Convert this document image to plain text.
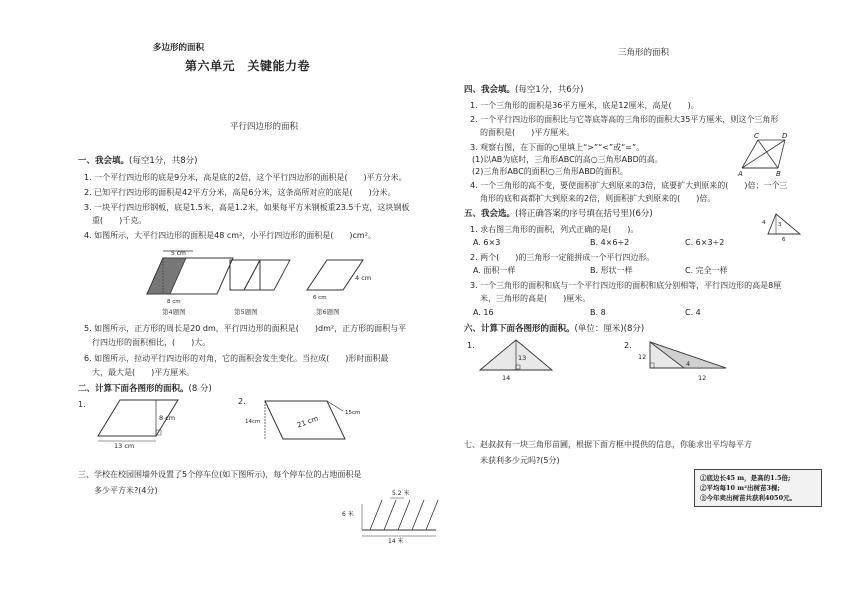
多边形的面积
第六单元　关键能力卷
平行四边形的面积
一、我会填。(每空1分，共8分)
1. 一个平行四边形的底是9分米，高是底的2倍，这个平行四边形的面积是(　　)平方分米。
2. 已知平行四边形的面积是42平方分米，高是6分米，这条高所对应的底是(　　)分米。
3. 一块平行四边形钢板，底是1.5米，高是1.2米，如果每平方米钢板重23.5千克，这块钢板
重(　　)千克。
4. 如图所示，大平行四边形的面积是48 cm²，小平行四边形的面积是(　　)cm²。
5 cm
8 cm
第4题图	第5题图
4 cm
6 cm
第6题图
5. 如图所示，正方形的周长是20 dm，平行四边形的面积是(　　)dm²，正方形的面积与平
行四边形的面积相比，(　　)大。
6. 如图所示，拉动平行四边形的对角，它的面积会发生变化。当拉成(　　)形时面积最
大，最大是(　　)平方厘米。
二、计算下面各图形的面积。(8 分)
1.
8 cm
13 cm
2.
14cm	21 cm
15cm
三、学校在校园围墙外设置了5个停车位(如下图所示)，每个停车位的占地面积是
多少平方米?(4分)	5.2 米
6 米
14 米
三角形的面积
四、我会填。(每空1分，共6分)
1. 一个三角形的面积是36平方厘米，底是12厘米，高是(　　)。
2. 一个平行四边形的面积比与它等底等高的三角形的面积大35平方厘米，则这个三角形
的面积是(　　)平方厘米。
3. 观察右图，在下面的○里填上“>”“<”或“=”。
(1)以AB为底时，三角形ABC的高○三角形ABD的高。
(2)三角形ABC的面积○三角形ABD的面积。
4. 一个三角形的高不变，要使面积扩大到原来的3倍，底要扩大到原来的(　　)倍；一个三
角形的底和高都扩大到原来的2倍，则面积扩大到原来的(　　)倍。
C	D
A	B
五、我会选。(将正确答案的序号填在括号里)(6分)
1. 求右图三角形的面积，列式正确的是(　　)。
A. 6×3	B. 4×6÷2	C. 6×3÷2
4 3
6
2. 两个(　　)的三角形一定能拼成一个平行四边形。
A. 面积一样	B. 形状一样	C. 完全一样
3. 一个三角形的面积和底与一个平行四边形的面积和底分别相等，平行四边形的高是8厘
米，三角形的高是(　　)厘米。
A. 16	B. 8	C. 4
六、计算下面各图形的面积。(单位：厘米)(8分)
1.
13
14
2.
12
4
12
七、赵叔叔有一块三角形苗圃，根据下面方框中提供的信息，你能求出平均每平方
米获利多少元吗?(5分)
①底边长45 m，是高的1.5倍;
②平均每10 m²出树苗3棵;
③今年卖出树苗共获利4050元。
